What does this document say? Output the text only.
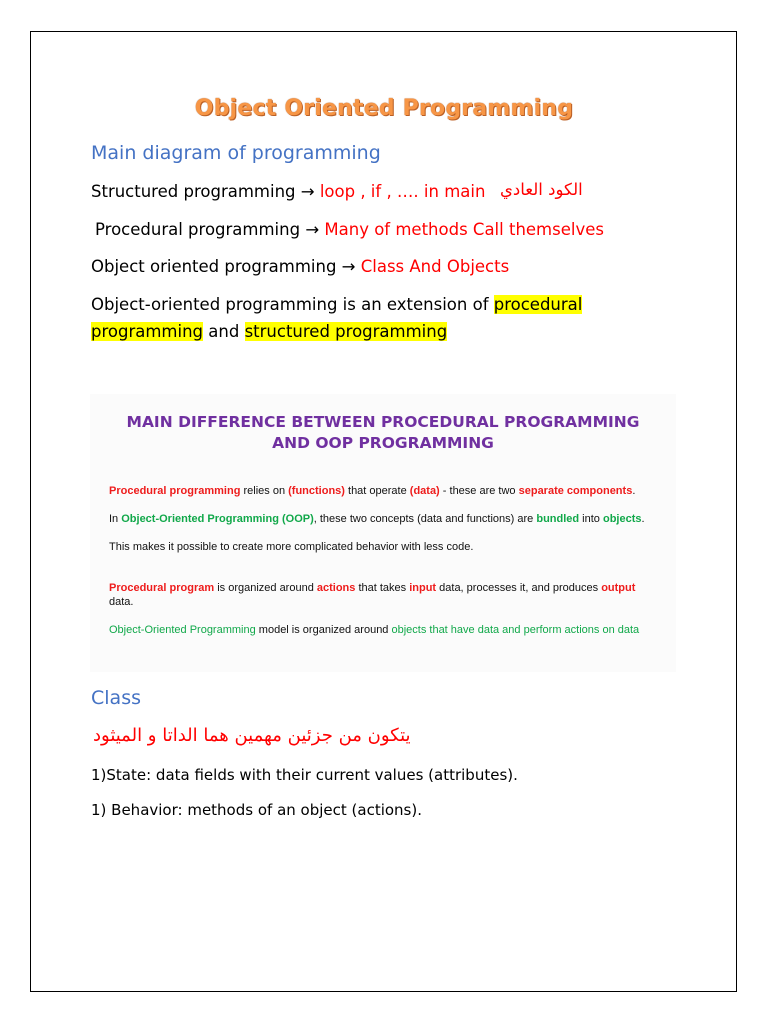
Object Oriented Programming
Main diagram of programming
Structured programming → loop , if , …. in main الكود العادي
Procedural programming → Many of methods Call themselves
Object oriented programming → Class And Objects
Object-oriented programming is an extension of procedural
programming and structured programming
MAIN DIFFERENCE BETWEEN PROCEDURAL PROGRAMMING
AND OOP PROGRAMMING
Procedural programming relies on (functions) that operate (data) - these are two separate components.
In Object-Oriented Programming (OOP), these two concepts (data and functions) are bundled into objects.
This makes it possible to create more complicated behavior with less code.
Procedural program is organized around actions that takes input data, processes it, and produces output
data.
Object-Oriented Programming model is organized around objects that have data and perform actions on data
Class
يتكون من جزئين مهمين هما الداتا و الميثود
1)State: data fields with their current values (attributes).
1) Behavior: methods of an object (actions).
